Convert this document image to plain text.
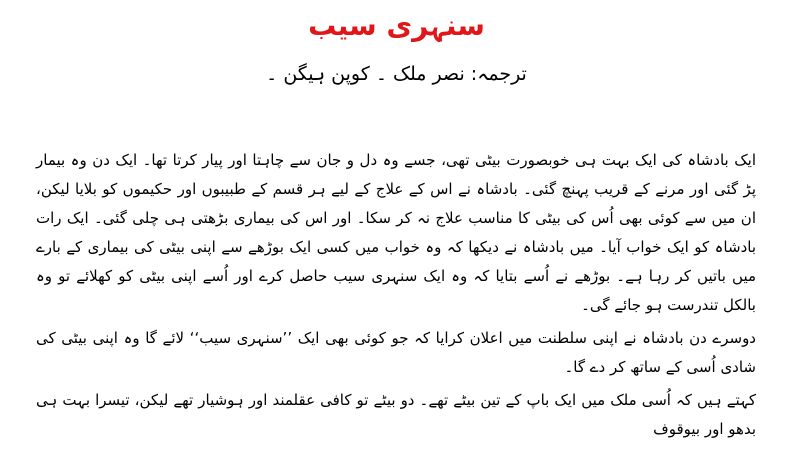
سنہری سیب
ترجمہ: نصر ملک ۔ کوپن ہیگن ۔

ایک بادشاہ کی ایک بہت ہی خوبصورت بیٹی تھی، جسے وہ دل و جان سے چاہتا اور پیار کرتا تھا۔ ایک دن وہ بیمار پڑ گئی اور مرنے کے قریب پہنچ گئی۔ بادشاہ نے اس کے علاج کے لیے ہر قسم کے طبیبوں اور حکیموں کو بلایا لیکن، ان میں سے کوئی بھی اُس کی بیٹی کا مناسب علاج نہ کر سکا۔ اور اس کی بیماری بڑھتی ہی چلی گئی۔ ایک رات بادشاہ کو ایک خواب آیا۔ میں بادشاہ نے دیکھا کہ وہ خواب میں کسی ایک بوڑھے سے اپنی بیٹی کی بیماری کے بارے میں باتیں کر رہا ہے۔ بوڑھے نے اُسے بتایا کہ وہ ایک سنہری سیب حاصل کرے اور اُسے اپنی بیٹی کو کھلائے تو وہ بالکل تندرست ہو جائے گی۔

دوسرے دن بادشاہ نے اپنی سلطنت میں اعلان کرایا کہ جو کوئی بھی ایک ’’سنہری سیب‘‘ لائے گا وہ اپنی بیٹی کی شادی اُسی کے ساتھ کر دے گا۔

کہتے ہیں کہ اُسی ملک میں ایک باپ کے تین بیٹے تھے۔ دو بیٹے تو کافی عقلمند اور ہوشیار تھے لیکن، تیسرا بہت ہی بدھو اور بیوقوف
